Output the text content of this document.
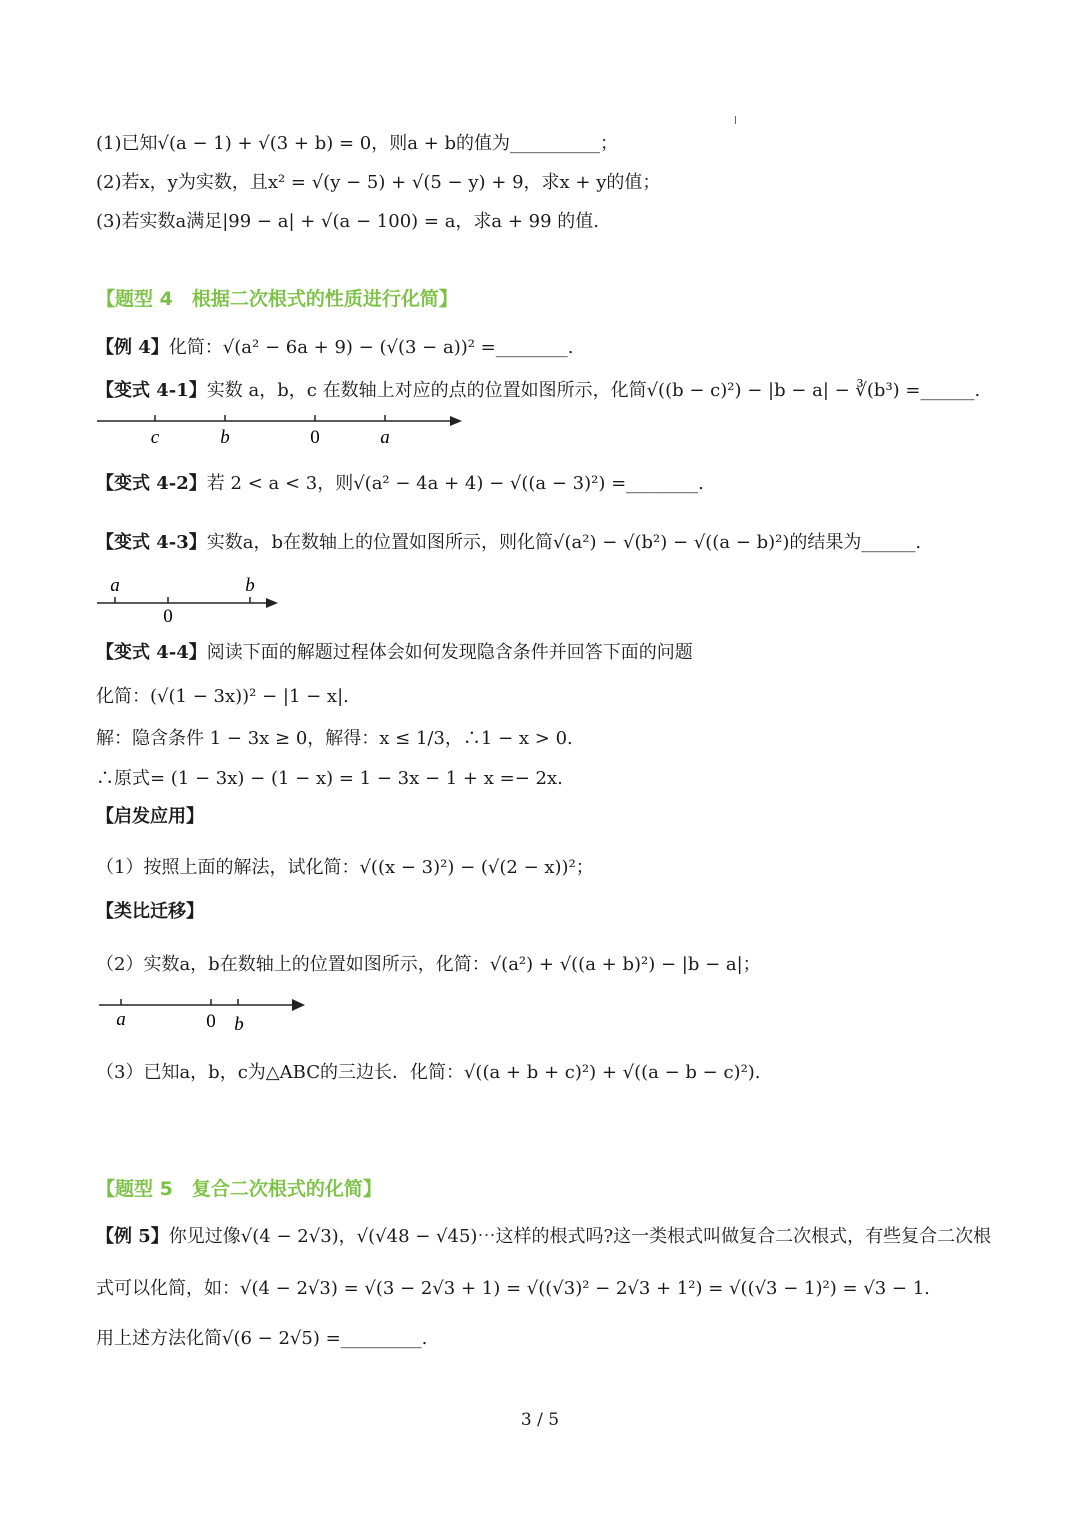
(1)已知√(a − 1) + √(3 + b) = 0，则a + b的值为__________；
(2)若x，y为实数，且x² = √(y − 5) + √(5 − y) + 9，求x + y的值；
(3)若实数a满足|99 − a| + √(a − 100) = a，求a + 99 的值.
【题型 4　根据二次根式的性质进行化简】
【例 4】化简：√(a² − 6a + 9) − (√(3 − a))² =________.
【变式 4-1】实数 a，b，c 在数轴上对应的点的位置如图所示，化简√((b − c)²) − |b − a| − ∛(b³) =______.
c	b	0	a
【变式 4-2】若 2 < a < 3，则√(a² − 4a + 4) − √((a − 3)²) =________.
【变式 4-3】实数a，b在数轴上的位置如图所示，则化简√(a²) − √(b²) − √((a − b)²)的结果为______.
a	b
0
【变式 4-4】阅读下面的解题过程体会如何发现隐含条件并回答下面的问题
化简：(√(1 − 3x))² − |1 − x|.
解：隐含条件 1 − 3x ≥ 0，解得：x ≤ 1/3，∴1 − x > 0.
∴原式= (1 − 3x) − (1 − x) = 1 − 3x − 1 + x =− 2x.
【启发应用】
（1）按照上面的解法，试化简：√((x − 3)²) − (√(2 − x))²；
【类比迁移】
（2）实数a，b在数轴上的位置如图所示，化简：√(a²) + √((a + b)²) − |b − a|；
a	0 b
（3）已知a，b，c为△ABC的三边长．化简：√((a + b + c)²) + √((a − b − c)²).
【题型 5　复合二次根式的化简】
【例 5】你见过像√(4 − 2√3)，√(√48 − √45)⋯这样的根式吗?这一类根式叫做复合二次根式，有些复合二次根
式可以化简，如：√(4 − 2√3) = √(3 − 2√3 + 1) = √((√3)² − 2√3 + 1²) = √((√3 − 1)²) = √3 − 1.
用上述方法化简√(6 − 2√5) =_________.
3 / 5
